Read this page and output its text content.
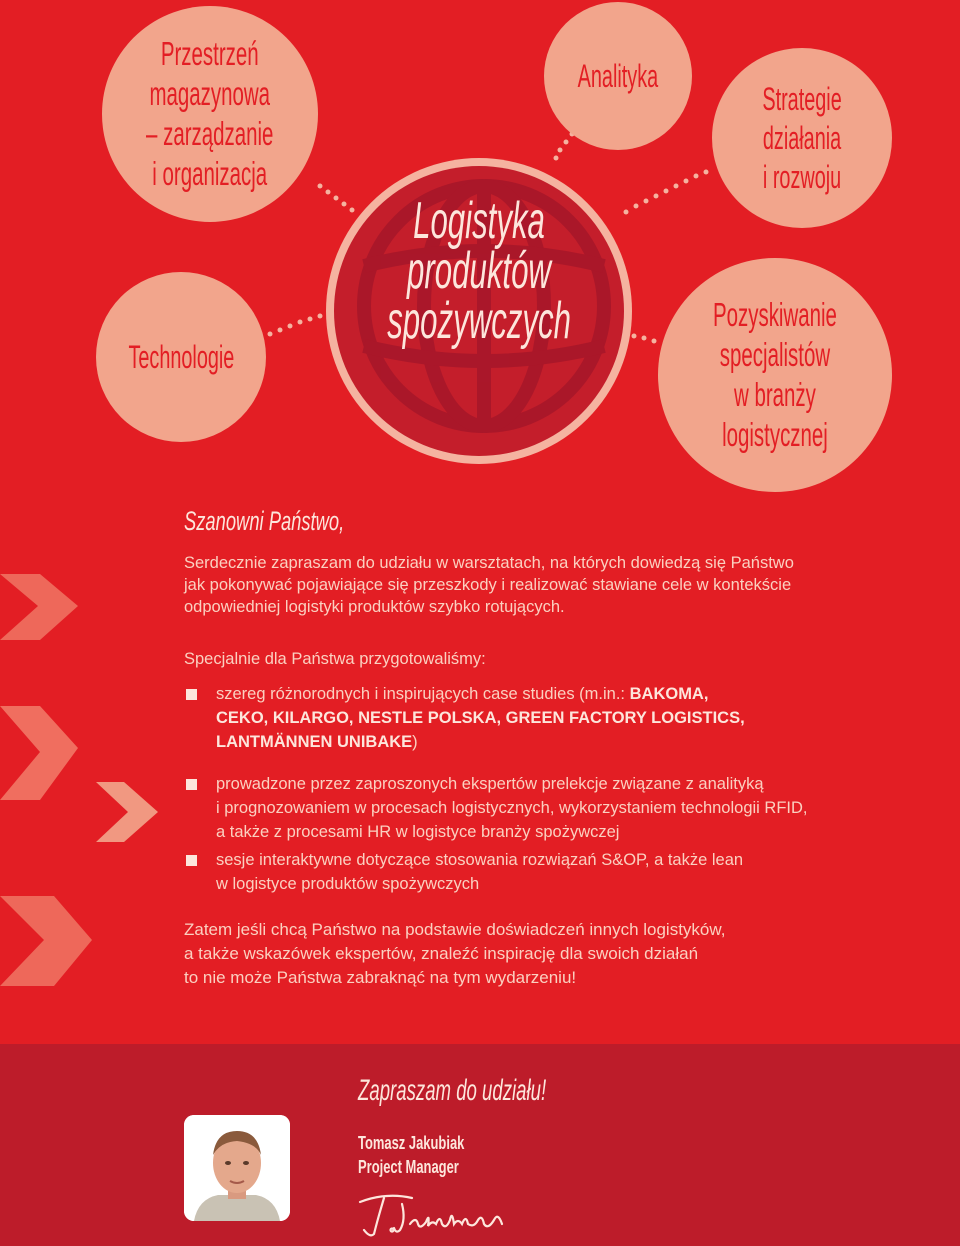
Przestrzeń
magazynowa
– zarządzanie
i organizacja
Analityka
Strategie
działania
i rozwoju
Technologie
Pozyskiwanie
specjalistów
w branży
logistycznej
Logistyka
produktów
spożywczych
Szanowni Państwo,
Serdecznie zapraszam do udziału w warsztatach, na których dowiedzą się Państwo
jak pokonywać pojawiające się przeszkody i realizować stawiane cele w kontekście
odpowiedniej logistyki produktów szybko rotujących.
Specjalnie dla Państwa przygotowaliśmy:
szereg różnorodnych i inspirujących case studies (m.in.: BAKOMA,
CEKO, KILARGO, NESTLE POLSKA, GREEN FACTORY LOGISTICS,
LANTMÄNNEN UNIBAKE)
prowadzone przez zaproszonych ekspertów prelekcje związane z analityką
i prognozowaniem w procesach logistycznych, wykorzystaniem technologii RFID,
a także z procesami HR w logistyce branży spożywczej
sesje interaktywne dotyczące stosowania rozwiązań S&OP, a także lean
w logistyce produktów spożywczych
Zatem jeśli chcą Państwo na podstawie doświadczeń innych logistyków,
a także wskazówek ekspertów, znaleźć inspirację dla swoich działań
to nie może Państwa zabraknąć na tym wydarzeniu!
Zapraszam do udziału!
Tomasz Jakubiak
Project Manager
